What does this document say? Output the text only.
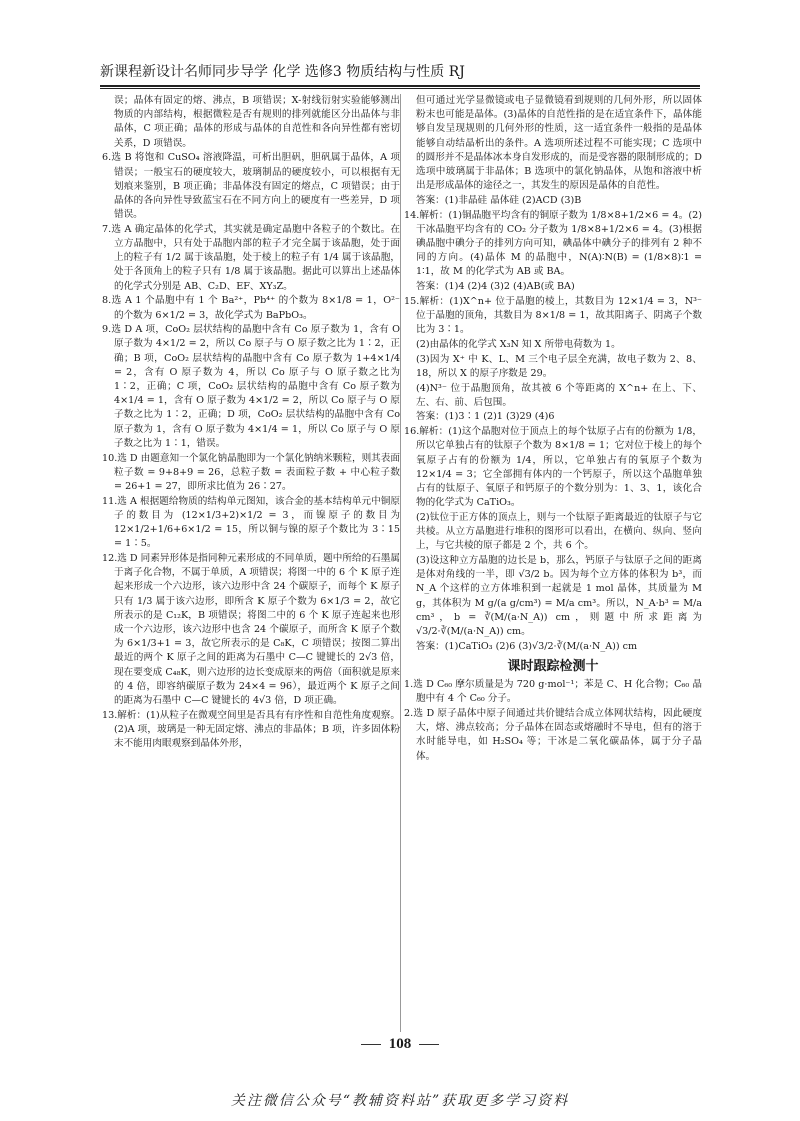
新课程新设计名师同步导学 化学 选修3 物质结构与性质 RJ

误；晶体有固定的熔、沸点，B 项错误；X-射线衍射实验能够测出物质的内部结构，根据微粒是否有规则的排列就能区分出晶体与非晶体，C 项正确；晶体的形成与晶体的自范性和各向异性都有密切关系，D 项错误。

6.选 B 将饱和 CuSO₄ 溶液降温，可析出胆矾，胆矾属于晶体，A 项错误；一般宝石的硬度较大，玻璃制品的硬度较小，可以根据有无划痕来鉴别，B 项正确；非晶体没有固定的熔点，C 项错误；由于晶体的各向异性导致蓝宝石在不同方向上的硬度有一些差异，D 项错误。

7.选 A 确定晶体的化学式，其实就是确定晶胞中各粒子的个数比。在立方晶胞中，只有处于晶胞内部的粒子才完全属于该晶胞，处于面上的粒子有 1/2 属于该晶胞，处于棱上的粒子有 1/4 属于该晶胞，处于各顶角上的粒子只有 1/8 属于该晶胞。据此可以算出上述晶体的化学式分别是 AB、C₂D、EF、XY₃Z。

8.选 A 1 个晶胞中有 1 个 Ba²⁺，Pb⁴⁺ 的个数为 8×1/8 = 1，O²⁻ 的个数为 6×1/2 = 3，故化学式为 BaPbO₃。

9.选 D A 项，CoO₂ 层状结构的晶胞中含有 Co 原子数为 1，含有 O 原子数为 4×1/2 = 2，所以 Co 原子与 O 原子数之比为 1∶2，正确；B 项，CoO₂ 层状结构的晶胞中含有 Co 原子数为 1+4×1/4 = 2，含有 O 原子数为 4，所以 Co 原子与 O 原子数之比为 1∶2，正确；C 项，CoO₂ 层状结构的晶胞中含有 Co 原子数为 4×1/4 = 1，含有 O 原子数为 4×1/2 = 2，所以 Co 原子与 O 原子数之比为 1∶2，正确；D 项，CoO₂ 层状结构的晶胞中含有 Co 原子数为 1，含有 O 原子数为 4×1/4 = 1，所以 Co 原子与 O 原子数之比为 1∶1，错误。

10.选 D 由题意知一个氯化钠晶胞即为一个氯化钠纳米颗粒，则其表面粒子数 = 9+8+9 = 26，总粒子数 = 表面粒子数 + 中心粒子数 = 26+1 = 27，即所求比值为 26∶27。

11.选 A 根据题给物质的结构单元图知，该合金的基本结构单元中铜原子的数目为 (12×1/3+2)×1/2 = 3，而镍原子的数目为 12×1/2+1/6+6×1/2 = 15，所以铜与镍的原子个数比为 3∶15 = 1∶5。

12.选 D 同素异形体是指同种元素形成的不同单质，题中所给的石墨属于离子化合物，不属于单质，A 项错误；将图一中的 6 个 K 原子连起来形成一个六边形，该六边形中含 24 个碳原子，而每个 K 原子只有 1/3 属于该六边形，即所含 K 原子个数为 6×1/3 = 2，故它所表示的是 C₁₂K，B 项错误；将图二中的 6 个 K 原子连起来也形成一个六边形，该六边形中也含 24 个碳原子，而所含 K 原子个数为 6×1/3+1 = 3，故它所表示的是 C₈K，C 项错误；按图二算出最近的两个 K 原子之间的距离为石墨中 C—C 键键长的 2√3 倍，现在要变成 C₄₈K，则六边形的边长变成原来的两倍（面积就是原来的 4 倍，即容纳碳原子数为 24×4 = 96），最近两个 K 原子之间的距离为石墨中 C—C 键键长的 4√3 倍，D 项正确。

13.解析：(1)从粒子在微观空间里是否具有有序性和自范性角度观察。(2)A 项，玻璃是一种无固定熔、沸点的非晶体；B 项，许多固体粉末不能用肉眼观察到晶体外形，

但可通过光学显微镜或电子显微镜看到规则的几何外形，所以固体粉末也可能是晶体。(3)晶体的自范性指的是在适宜条件下，晶体能够自发呈现规则的几何外形的性质，这一适宜条件一般指的是晶体能够自动结晶析出的条件。A 选项所述过程不可能实现；C 选项中的圆形并不是晶体冰本身自发形成的，而是受容器的限制形成的；D 选项中玻璃属于非晶体；B 选项中的氯化钠晶体，从饱和溶液中析出是形成晶体的途径之一，其发生的原因是晶体的自范性。

答案：(1)非晶硅 晶体硅 (2)ACD (3)B

14.解析：(1)铜晶胞平均含有的铜原子数为 1/8×8+1/2×6 = 4。(2)干冰晶胞平均含有的 CO₂ 分子数为 1/8×8+1/2×6 = 4。(3)根据碘晶胞中碘分子的排列方向可知，碘晶体中碘分子的排列有 2 种不同的方向。(4)晶体 M 的晶胞中，N(A)∶N(B) = (1/8×8)∶1 = 1∶1，故 M 的化学式为 AB 或 BA。

答案：(1)4 (2)4 (3)2 (4)AB(或 BA)

15.解析：(1)X^n+ 位于晶胞的棱上，其数目为 12×1/4 = 3，N³⁻ 位于晶胞的顶角，其数目为 8×1/8 = 1，故其阳离子、阴离子个数比为 3∶1。

(2)由晶体的化学式 X₃N 知 X 所带电荷数为 1。

(3)因为 X⁺ 中 K、L、M 三个电子层全充满，故电子数为 2、8、18，所以 X 的原子序数是 29。

(4)N³⁻ 位于晶胞顶角，故其被 6 个等距离的 X^n+ 在上、下、左、右、前、后包围。

答案：(1)3∶1 (2)1 (3)29 (4)6

16.解析：(1)这个晶胞对位于顶点上的每个钛原子占有的份额为 1/8，所以它单独占有的钛原子个数为 8×1/8 = 1；它对位于棱上的每个氧原子占有的份额为 1/4，所以，它单独占有的氧原子个数为 12×1/4 = 3；它全部拥有体内的一个钙原子，所以这个晶胞单独占有的钛原子、氧原子和钙原子的个数分别为：1、3、1，该化合物的化学式为 CaTiO₃。

(2)钛位于正方体的顶点上，则与一个钛原子距离最近的钛原子与它共棱。从立方晶胞进行堆积的图形可以看出，在横向、纵向、竖向上，与它共棱的原子都是 2 个，共 6 个。

(3)设这种立方晶胞的边长是 b，那么，钙原子与钛原子之间的距离是体对角线的一半，即 √3/2 b。因为每个立方体的体积为 b³，而 N_A 个这样的立方体堆积到一起就是 1 mol 晶体，其质量为 M g，其体积为 M g/(a g/cm³) = M/a cm³。所以，N_A·b³ = M/a cm³，b = ∛(M/(a·N_A)) cm，则题中所求距离为 √3/2·∛(M/(a·N_A)) cm。

答案：(1)CaTiO₃ (2)6 (3)√3/2·∛(M/(a·N_A)) cm

课时跟踪检测十

1.选 D C₆₀ 摩尔质量是为 720 g·mol⁻¹；苯是 C、H 化合物；C₆₀ 晶胞中有 4 个 C₆₀ 分子。

2.选 D 原子晶体中原子间通过共价键结合成立体网状结构，因此硬度大，熔、沸点较高；分子晶体在固态或熔融时不导电，但有的溶于水时能导电，如 H₂SO₄ 等；干冰是二氧化碳晶体，属于分子晶体。

108
关注微信公众号“教辅资料站”获取更多学习资料
